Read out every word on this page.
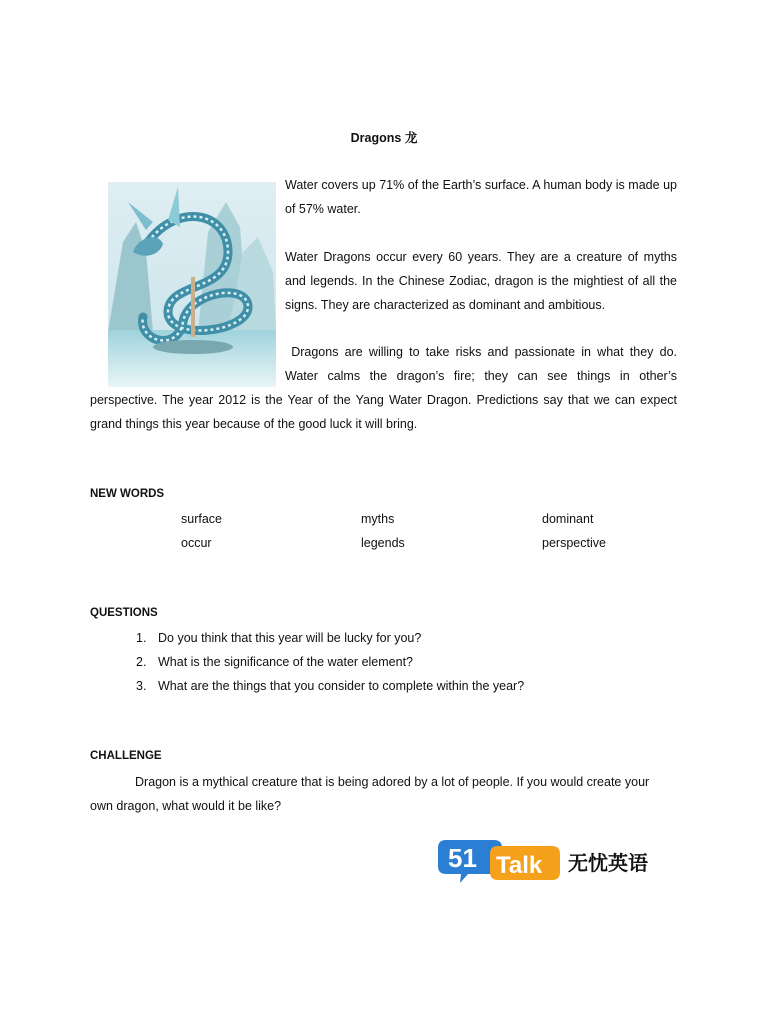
Dragons 龙
Water covers up 71% of the Earth’s surface. A human body is made up
of 57% water.
Water Dragons occur every 60 years. They are a creature of myths
and legends. In the Chinese Zodiac, dragon is the mightiest of all the
signs. They are characterized as dominant and ambitious.
Dragons are willing to take risks and passionate in what they do.
Water calms the dragon’s fire; they can see things in other’s
perspective. The year 2012 is the Year of the Yang Water Dragon. Predictions say that we can expect
grand things this year because of the good luck it will bring.
NEW WORDS
surface	myths	dominant
occur	legends	perspective
QUESTIONS
1. Do you think that this year will be lucky for you?
2. What is the significance of the water element?
3. What are the things that you consider to complete within the year?
CHALLENGE
Dragon is a mythical creature that is being adored by a lot of people. If you would create your
own dragon, what would it be like?
51 Talk 无忧英语
